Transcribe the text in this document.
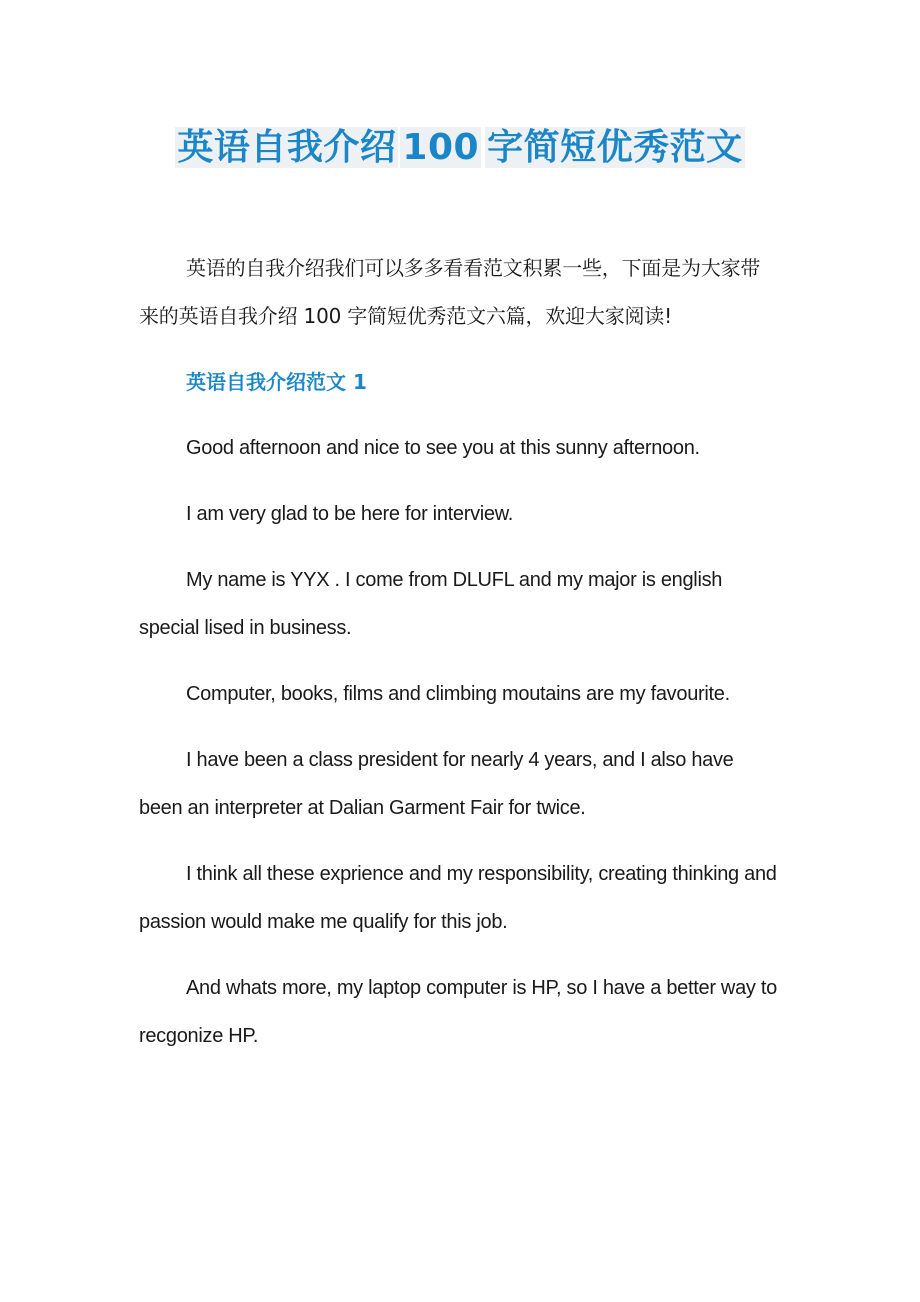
英语自我介绍 100 字简短优秀范文

英语的自我介绍我们可以多多看看范文积累一些，下面是为大家带来的英语自我介绍 100 字简短优秀范文六篇，欢迎大家阅读!

英语自我介绍范文 1

Good afternoon and nice to see you at this sunny afternoon.

I am very glad to be here for interview.

My name is YYX . I come from DLUFL and my major is english special lised in business.

Computer, books, films and climbing moutains are my favourite.

I have been a class president for nearly 4 years, and I also have been an interpreter at Dalian Garment Fair for twice.

I think all these exprience and my responsibility, creating thinking and passion would make me qualify for this job.

And whats more, my laptop computer is HP, so I have a better way to recgonize HP.
